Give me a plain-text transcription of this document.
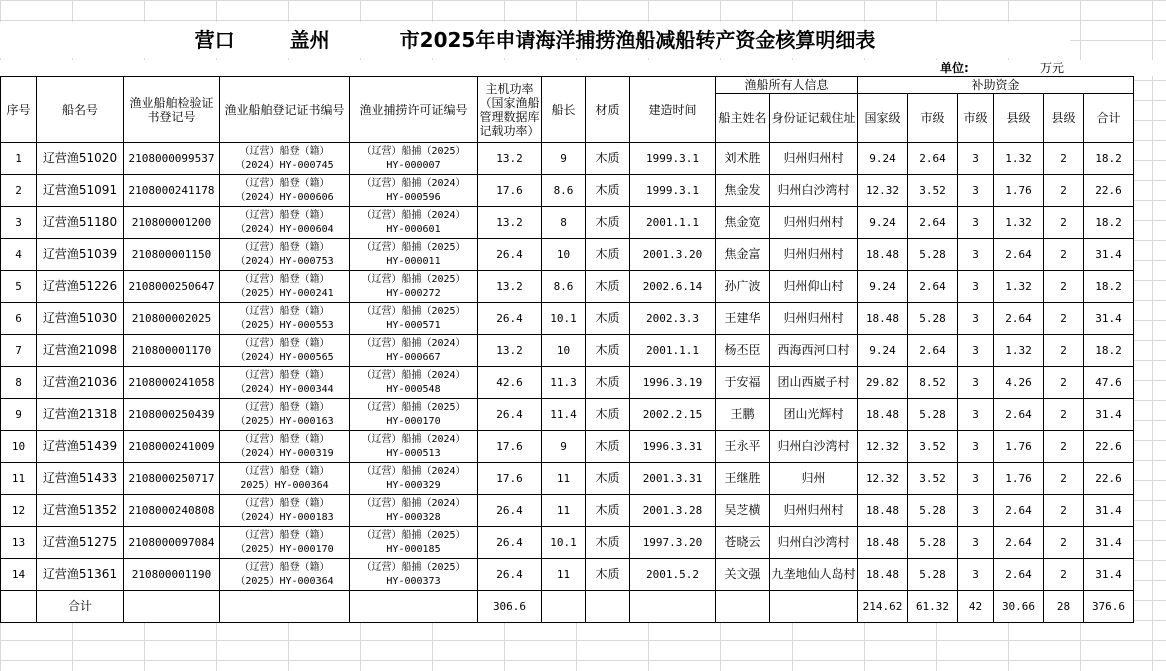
营口	盖州	市2025年申请海洋捕捞渔船减船转产资金核算明细表
单位:	万元
序号	船名号	渔业船舶检验证书登记号	渔业船舶登记证书编号	渔业捕捞许可证编号	主机功率（国家渔船管理数据库记载功率）	船长	材质	建造时间	渔船所有人信息		补助资金					
									船主姓名	身份证记载住址	国家级	市级	市级	县级	县级	合计
1	辽营渔51020	2108000099537	（辽营）船登（籍）
（2024）HY-000745	（辽营）船捕（2025）
HY-000007	13.2	9	木质	1999.3.1	刘术胜	归州归州村	9.24	2.64	3	1.32	2	18.2
2	辽营渔51091	2108000241178	（辽营）船登（籍）
（2024）HY-000606	（辽营）船捕（2024）
HY-000596	17.6	8.6	木质	1999.3.1	焦金发	归州白沙湾村	12.32	3.52	3	1.76	2	22.6
3	辽营渔51180	210800001200	（辽营）船登（籍）
（2024）HY-000604	（辽营）船捕（2024）
HY-000601	13.2	8	木质	2001.1.1	焦金宽	归州归州村	9.24	2.64	3	1.32	2	18.2
4	辽营渔51039	210800001150	（辽营）船登（籍）
（2024）HY-000753	（辽营）船捕（2025）
HY-000011	26.4	10	木质	2001.3.20	焦金富	归州归州村	18.48	5.28	3	2.64	2	31.4
5	辽营渔51226	2108000250647	（辽营）船登（籍）
（2025）HY-000241	（辽营）船捕（2025）
HY-000272	13.2	8.6	木质	2002.6.14	孙广波	归州仰山村	9.24	2.64	3	1.32	2	18.2
6	辽营渔51030	210800002025	（辽营）船登（籍）
（2025）HY-000553	（辽营）船捕（2025）
HY-000571	26.4	10.1	木质	2002.3.3	王建华	归州归州村	18.48	5.28	3	2.64	2	31.4
7	辽营渔21098	210800001170	（辽营）船登（籍）
（2024）HY-000565	（辽营）船捕（2024）
HY-000667	13.2	10	木质	2001.1.1	杨丕臣	西海西河口村	9.24	2.64	3	1.32	2	18.2
8	辽营渔21036	2108000241058	（辽营）船登（籍）
（2024）HY-000344	（辽营）船捕（2024）
HY-000548	42.6	11.3	木质	1996.3.19	于安福	团山西崴子村	29.82	8.52	3	4.26	2	47.6
9	辽营渔21318	2108000250439	（辽营）船登（籍）
（2025）HY-000163	（辽营）船捕（2025）
HY-000170	26.4	11.4	木质	2002.2.15	王鹏	团山光辉村	18.48	5.28	3	2.64	2	31.4
10	辽营渔51439	2108000241009	（辽营）船登（籍）
（2024）HY-000319	（辽营）船捕（2024）
HY-000513	17.6	9	木质	1996.3.31	王永平	归州白沙湾村	12.32	3.52	3	1.76	2	22.6
11	辽营渔51433	2108000250717	（辽营）船登（籍）
2025）HY-000364	（辽营）船捕（2024）
HY-000329	17.6	11	木质	2001.3.31	王继胜	归州	12.32	3.52	3	1.76	2	22.6
12	辽营渔51352	2108000240808	（辽营）船登（籍）
（2024）HY-000183	（辽营）船捕（2024）
HY-000328	26.4	11	木质	2001.3.28	吴芝横	归州归州村	18.48	5.28	3	2.64	2	31.4
13	辽营渔51275	2108000097084	（辽营）船登（籍）
（2025）HY-000170	（辽营）船捕（2025）
HY-000185	26.4	10.1	木质	1997.3.20	苍晓云	归州白沙湾村	18.48	5.28	3	2.64	2	31.4
14	辽营渔51361	210800001190	（辽营）船登（籍）
（2025）HY-000364	（辽营）船捕（2025）
HY-000373	26.4	11	木质	2001.5.2	关文强	九垄地仙人岛村	18.48	5.28	3	2.64	2	31.4
	合计				306.6						214.62	61.32	42	30.66	28	376.6
